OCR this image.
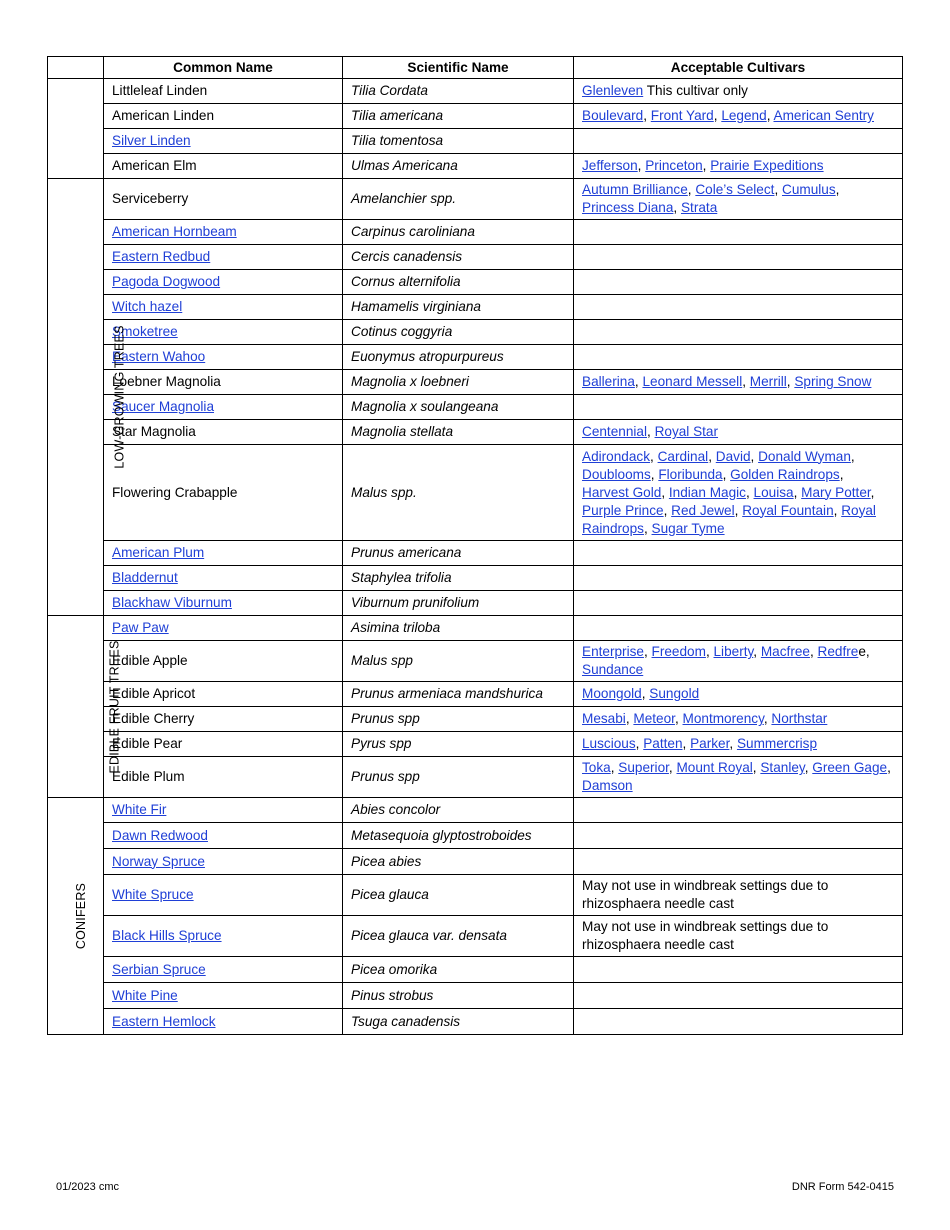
	Common Name	Scientific Name	Acceptable Cultivars
	Littleleaf Linden	Tilia Cordata	Glenleven This cultivar only
	American Linden	Tilia americana	Boulevard, Front Yard, Legend, American Sentry
	Silver Linden	Tilia tomentosa	
	American Elm	Ulmas Americana	Jefferson, Princeton, Prairie Expeditions
LOW-GROWING TREES	Serviceberry	Amelanchier spp.	Autumn Brilliance, Cole’s Select, Cumulus, Princess Diana, Strata
	American Hornbeam	Carpinus caroliniana	
	Eastern Redbud	Cercis canadensis	
	Pagoda Dogwood	Cornus alternifolia	
	Witch hazel	Hamamelis virginiana	
	Smoketree	Cotinus coggyria	
	Eastern Wahoo	Euonymus atropurpureus	
	Loebner Magnolia	Magnolia x loebneri	Ballerina, Leonard Messell, Merrill, Spring Snow
	Saucer Magnolia	Magnolia x soulangeana	
	Star Magnolia	Magnolia stellata	Centennial, Royal Star
	Flowering Crabapple	Malus spp.	Adirondack, Cardinal, David, Donald Wyman, Doublooms, Floribunda, Golden Raindrops, Harvest Gold, Indian Magic, Louisa, Mary Potter, Purple Prince, Red Jewel, Royal Fountain, Royal Raindrops, Sugar Tyme
	American Plum	Prunus americana	
	Bladdernut	Staphylea trifolia	
	Blackhaw Viburnum	Viburnum prunifolium	
EDIBLE FRUIT TREES	Paw Paw	Asimina triloba	
	Edible Apple	Malus spp	Enterprise, Freedom, Liberty, Macfree, Redfree, Sundance
	Edible Apricot	Prunus armeniaca mandshurica	Moongold, Sungold
	Edible Cherry	Prunus spp	Mesabi, Meteor, Montmorency, Northstar
	Edible Pear	Pyrus spp	Luscious, Patten, Parker, Summercrisp
	Edible Plum	Prunus spp	Toka, Superior, Mount Royal, Stanley, Green Gage, Damson
CONIFERS	White Fir	Abies concolor	
	Dawn Redwood	Metasequoia glyptostroboides	
	Norway Spruce	Picea abies	
	White Spruce	Picea glauca	May not use in windbreak settings due to rhizosphaera needle cast
	Black Hills Spruce	Picea glauca var. densata	May not use in windbreak settings due to rhizosphaera needle cast
	Serbian Spruce	Picea omorika	
	White Pine	Pinus strobus	
	Eastern Hemlock	Tsuga canadensis	
01/2023 cmc	DNR Form 542-0415
